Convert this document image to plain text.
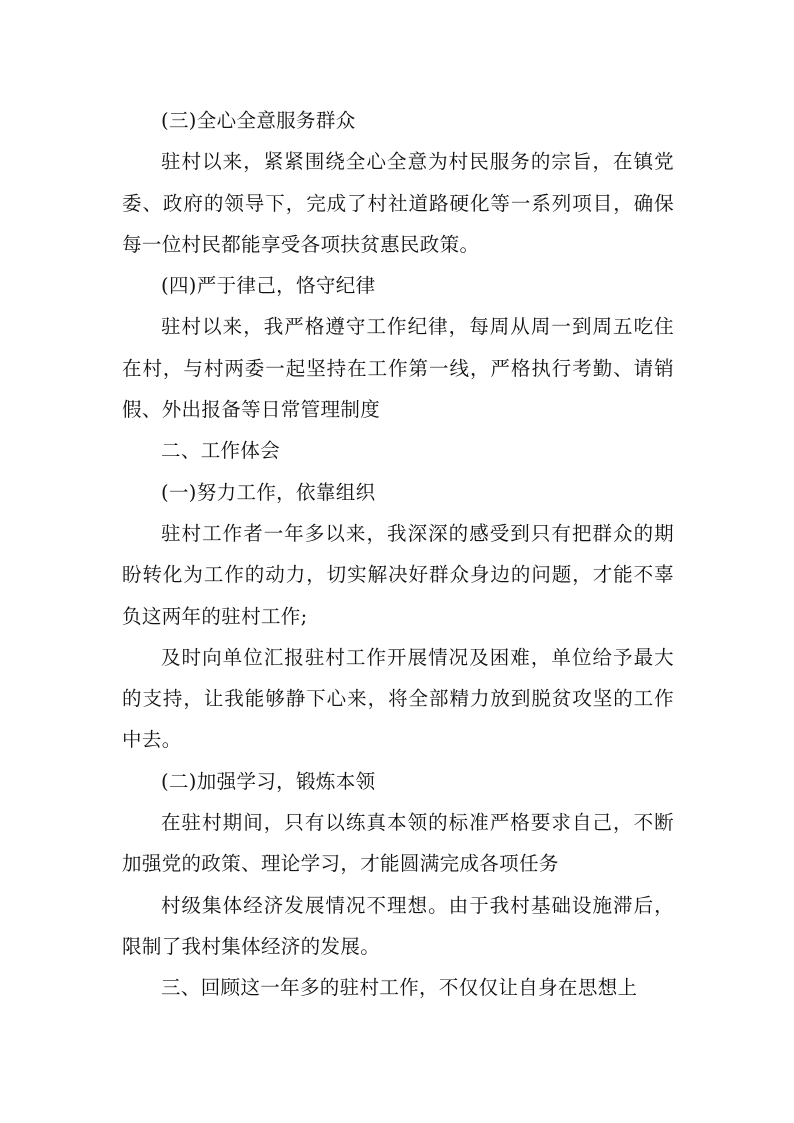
(三)全心全意服务群众

驻村以来，紧紧围绕全心全意为村民服务的宗旨，在镇党委、政府的领导下，完成了村社道路硬化等一系列项目，确保每一位村民都能享受各项扶贫惠民政策。

(四)严于律己，恪守纪律

驻村以来，我严格遵守工作纪律，每周从周一到周五吃住在村，与村两委一起坚持在工作第一线，严格执行考勤、请销假、外出报备等日常管理制度

二、工作体会

(一)努力工作，依靠组织

驻村工作者一年多以来，我深深的感受到只有把群众的期盼转化为工作的动力，切实解决好群众身边的问题，才能不辜负这两年的驻村工作;

及时向单位汇报驻村工作开展情况及困难，单位给予最大的支持，让我能够静下心来，将全部精力放到脱贫攻坚的工作中去。

(二)加强学习，锻炼本领

在驻村期间，只有以练真本领的标准严格要求自己，不断加强党的政策、理论学习，才能圆满完成各项任务

村级集体经济发展情况不理想。由于我村基础设施滞后，限制了我村集体经济的发展。

三、回顾这一年多的驻村工作，不仅仅让自身在思想上
